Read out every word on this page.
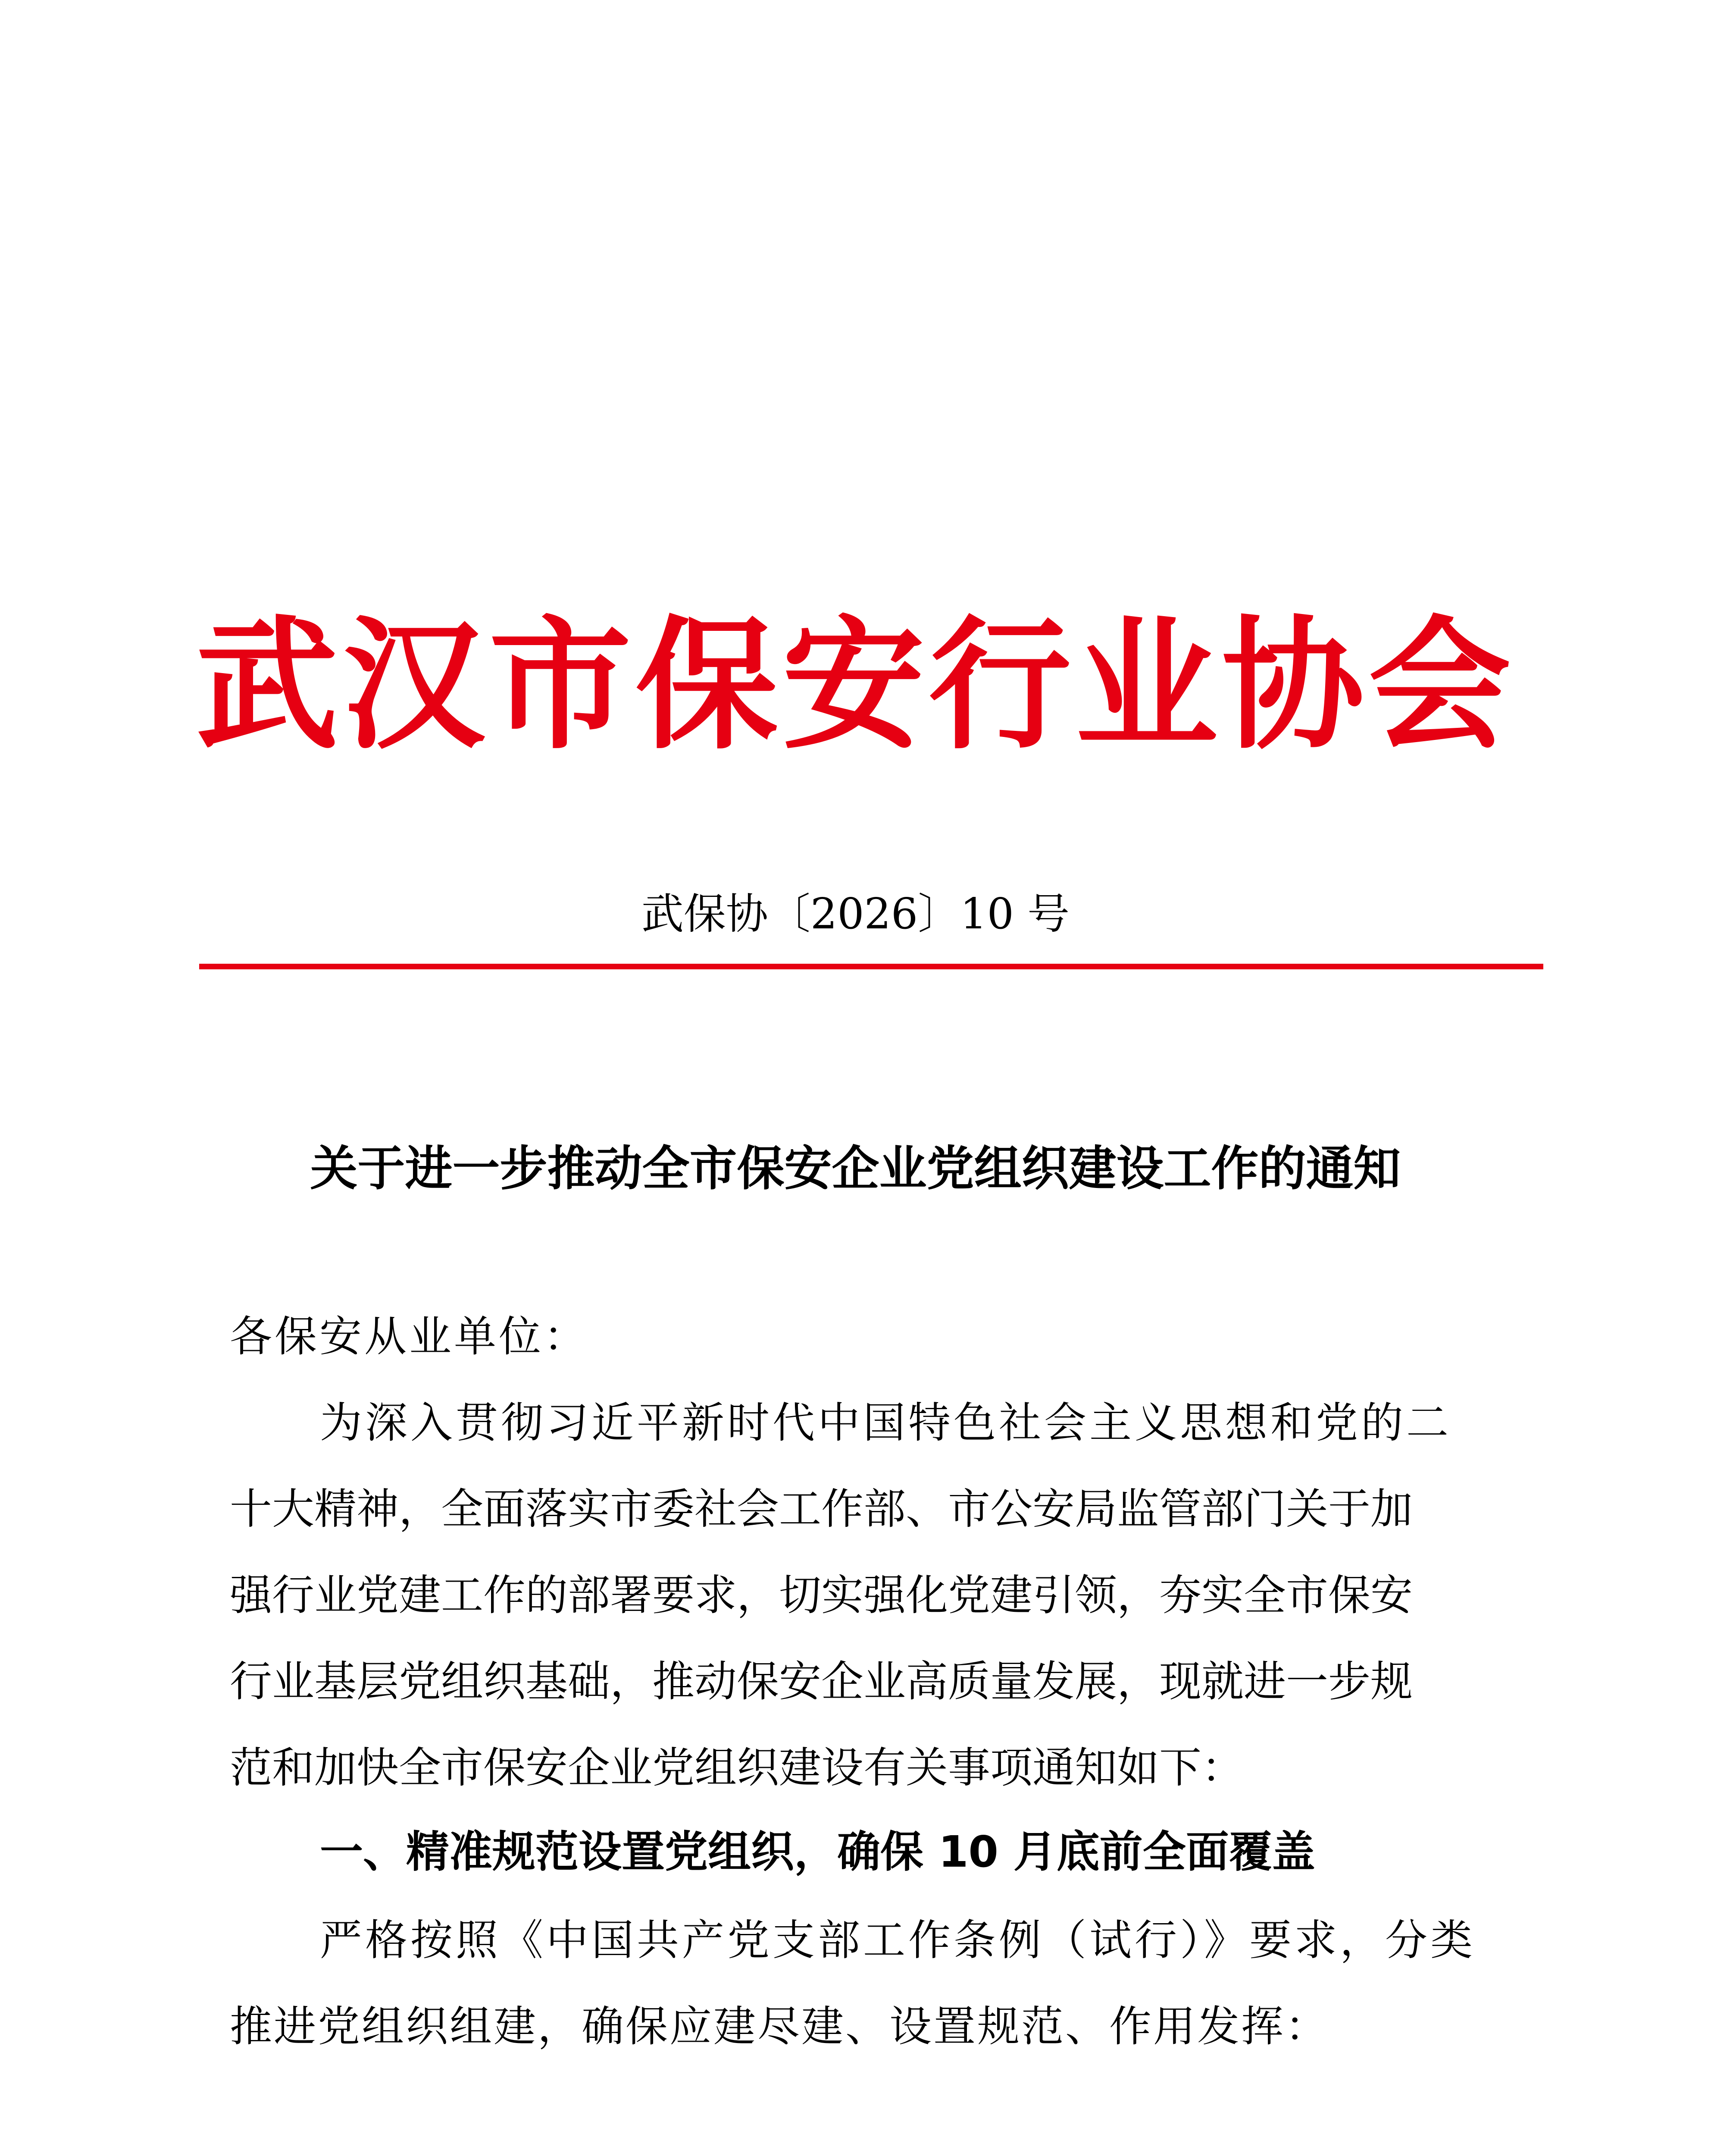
武汉市保安行业协会
武保协〔2026〕10 号
关于进一步推动全市保安企业党组织建设工作的通知
各保安从业单位：
为深入贯彻习近平新时代中国特色社会主义思想和党的二
十大精神，全面落实市委社会工作部、市公安局监管部门关于加
强行业党建工作的部署要求，切实强化党建引领，夯实全市保安
行业基层党组织基础，推动保安企业高质量发展，现就进一步规
范和加快全市保安企业党组织建设有关事项通知如下：
一、精准规范设置党组织，确保 10 月底前全面覆盖
严格按照《中国共产党支部工作条例（试行）》要求，分类
推进党组织组建，确保应建尽建、设置规范、作用发挥：
